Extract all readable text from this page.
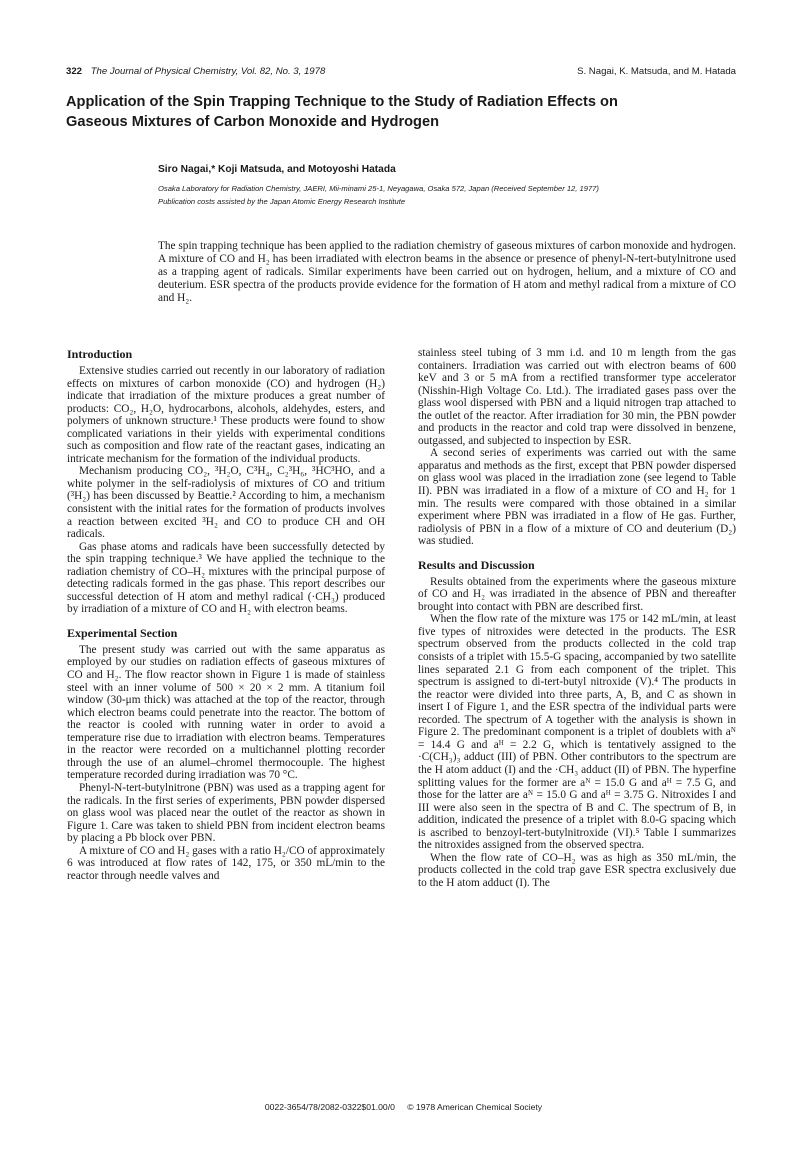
322 The Journal of Physical Chemistry, Vol. 82, No. 3, 1978	S. Nagai, K. Matsuda, and M. Hatada
Application of the Spin Trapping Technique to the Study of Radiation Effects on Gaseous Mixtures of Carbon Monoxide and Hydrogen
Siro Nagai,* Koji Matsuda, and Motoyoshi Hatada
Osaka Laboratory for Radiation Chemistry, JAERI, Mii-minami 25-1, Neyagawa, Osaka 572, Japan (Received September 12, 1977)
Publication costs assisted by the Japan Atomic Energy Research Institute
The spin trapping technique has been applied to the radiation chemistry of gaseous mixtures of carbon monoxide and hydrogen. A mixture of CO and H₂ has been irradiated with electron beams in the absence or presence of phenyl-N-tert-butylnitrone used as a trapping agent of radicals. Similar experiments have been carried out on hydrogen, helium, and a mixture of CO and deuterium. ESR spectra of the products provide evidence for the formation of H atom and methyl radical from a mixture of CO and H₂.
Introduction

Extensive studies carried out recently in our laboratory of radiation effects on mixtures of carbon monoxide (CO) and hydrogen (H₂) indicate that irradiation of the mixture produces a great number of products: CO₂, H₂O, hydrocarbons, alcohols, aldehydes, esters, and polymers of unknown structure.¹ These products were found to show complicated variations in their yields with experimental conditions such as composition and flow rate of the reactant gases, indicating an intricate mechanism for the formation of the individual products.

Mechanism producing CO₂, ³H₂O, C³H₄, C₂³H₆, ³HC³HO, and a white polymer in the self-radiolysis of mixtures of CO and tritium (³H₂) has been discussed by Beattie.² According to him, a mechanism consistent with the initial rates for the formation of products involves a reaction between excited ³H₂ and CO to produce CH and OH radicals.

Gas phase atoms and radicals have been successfully detected by the spin trapping technique.³ We have applied the technique to the radiation chemistry of CO–H₂ mixtures with the principal purpose of detecting radicals formed in the gas phase. This report describes our successful detection of H atom and methyl radical (·CH₃) produced by irradiation of a mixture of CO and H₂ with electron beams.

Experimental Section

The present study was carried out with the same apparatus as employed by our studies on radiation effects of gaseous mixtures of CO and H₂. The flow reactor shown in Figure 1 is made of stainless steel with an inner volume of 500 × 20 × 2 mm. A titanium foil window (30-μm thick) was attached at the top of the reactor, through which electron beams could penetrate into the reactor. The bottom of the reactor is cooled with running water in order to avoid a temperature rise due to irradiation with electron beams. Temperatures in the reactor were recorded on a multichannel plotting recorder through the use of an alumel–chromel thermocouple. The highest temperature recorded during irradiation was 70 °C.

Phenyl-N-tert-butylnitrone (PBN) was used as a trapping agent for the radicals. In the first series of experiments, PBN powder dispersed on glass wool was placed near the outlet of the reactor as shown in Figure 1. Care was taken to shield PBN from incident electron beams by placing a Pb block over PBN.

A mixture of CO and H₂ gases with a ratio H₂/CO of approximately 6 was introduced at flow rates of 142, 175, or 350 mL/min to the reactor through needle valves and

stainless steel tubing of 3 mm i.d. and 10 m length from the gas containers. Irradiation was carried out with electron beams of 600 keV and 3 or 5 mA from a rectified transformer type accelerator (Nisshin-High Voltage Co. Ltd.). The irradiated gases pass over the glass wool dispersed with PBN and a liquid nitrogen trap attached to the outlet of the reactor. After irradiation for 30 min, the PBN powder and products in the reactor and cold trap were dissolved in benzene, outgassed, and subjected to inspection by ESR.

A second series of experiments was carried out with the same apparatus and methods as the first, except that PBN powder dispersed on glass wool was placed in the irradiation zone (see legend to Table II). PBN was irradiated in a flow of a mixture of CO and H₂ for 1 min. The results were compared with those obtained in a similar experiment where PBN was irradiated in a flow of He gas. Further, radiolysis of PBN in a flow of a mixture of CO and deuterium (D₂) was studied.

Results and Discussion

Results obtained from the experiments where the gaseous mixture of CO and H₂ was irradiated in the absence of PBN and thereafter brought into contact with PBN are described first.

When the flow rate of the mixture was 175 or 142 mL/min, at least five types of nitroxides were detected in the products. The ESR spectrum observed from the products collected in the cold trap consists of a triplet with 15.5-G spacing, accompanied by two satellite lines separated 2.1 G from each component of the triplet. This spectrum is assigned to di-tert-butyl nitroxide (V).⁴ The products in the reactor were divided into three parts, A, B, and C as shown in insert I of Figure 1, and the ESR spectra of the individual parts were recorded. The spectrum of A together with the analysis is shown in Figure 2. The predominant component is a triplet of doublets with aᴺ = 14.4 G and aᴴ = 2.2 G, which is tentatively assigned to the ·C(CH₃)₃ adduct (III) of PBN. Other contributors to the spectrum are the H atom adduct (I) and the ·CH₃ adduct (II) of PBN. The hyperfine splitting values for the former are aᴺ = 15.0 G and aᴴ = 7.5 G, and those for the latter are aᴺ = 15.0 G and aᴴ = 3.75 G. Nitroxides I and III were also seen in the spectra of B and C. The spectrum of B, in addition, indicated the presence of a triplet with 8.0-G spacing which is ascribed to benzoyl-tert-butylnitroxide (VI).⁵ Table I summarizes the nitroxides assigned from the observed spectra.

When the flow rate of CO–H₂ was as high as 350 mL/min, the products collected in the cold trap gave ESR spectra exclusively due to the H atom adduct (I). The

0022-3654/78/2082-0322$01.00/0 © 1978 American Chemical Society
